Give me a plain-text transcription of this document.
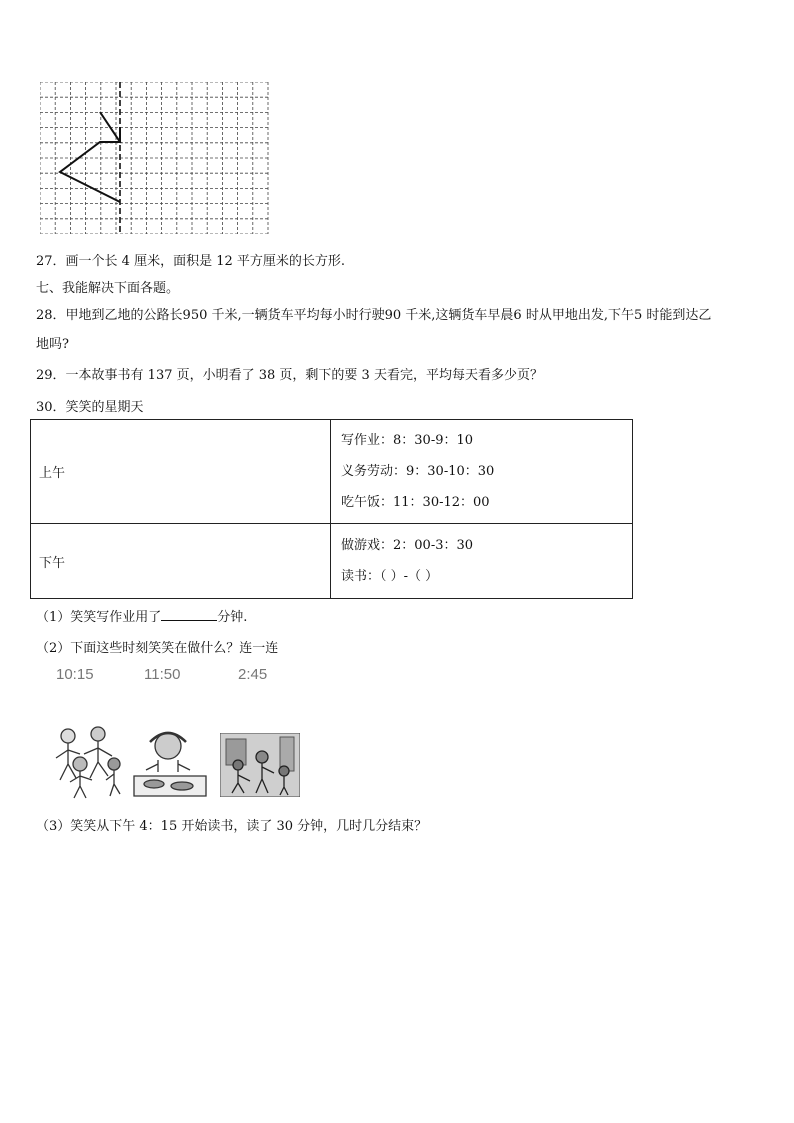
27．画一个长 4 厘米，面积是 12 平方厘米的长方形.
七、我能解决下面各题。
28．甲地到乙地的公路长950 千米,一辆货车平均每小时行驶90 千米,这辆货车早晨6 时从甲地出发,下午5 时能到达乙
地吗?
29．一本故事书有 137 页，小明看了 38 页，剩下的要 3 天看完，平均每天看多少页？
30．笑笑的星期天
上午	写作业：8：30-9：10
义务劳动：9：30-10：30
吃午饭：11：30-12：00

下午	做游戏：2：00-3：30
读书：（ ）-（ ）
（1）笑笑写作业用了	分钟.
（2）下面这些时刻笑笑在做什么？连一连
10:15	11:50	2:45
（3）笑笑从下午 4：15 开始读书，读了 30 分钟，几时几分结束？
